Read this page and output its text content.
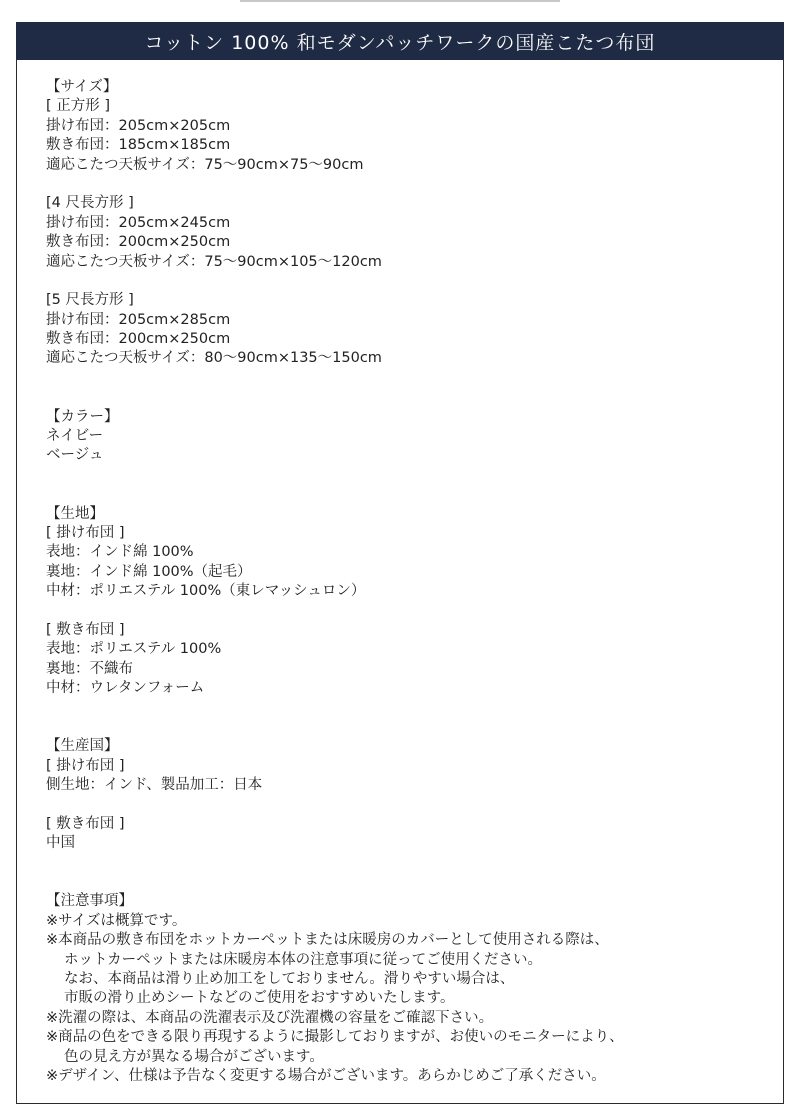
コットン 100% 和モダンパッチワークの国産こたつ布団
【サイズ】
[ 正方形 ]
掛け布団：205cm×205cm
敷き布団：185cm×185cm
適応こたつ天板サイズ：75～90cm×75～90cm
[4 尺長方形 ]
掛け布団：205cm×245cm
敷き布団：200cm×250cm
適応こたつ天板サイズ：75～90cm×105～120cm
[5 尺長方形 ]
掛け布団：205cm×285cm
敷き布団：200cm×250cm
適応こたつ天板サイズ：80～90cm×135～150cm
【カラー】
ネイビー
ベージュ
【生地】
[ 掛け布団 ]
表地：インド綿 100%
裏地：インド綿 100%（起毛）
中材：ポリエステル 100%（東レマッシュロン）
[ 敷き布団 ]
表地：ポリエステル 100%
裏地：不織布
中材：ウレタンフォーム
【生産国】
[ 掛け布団 ]
側生地：インド、製品加工：日本
[ 敷き布団 ]
中国
【注意事項】
※サイズは概算です。
※本商品の敷き布団をホットカーペットまたは床暖房のカバーとして使用される際は、
ホットカーペットまたは床暖房本体の注意事項に従ってご使用ください。
なお、本商品は滑り止め加工をしておりません。滑りやすい場合は、
市販の滑り止めシートなどのご使用をおすすめいたします。
※洗濯の際は、本商品の洗濯表示及び洗濯機の容量をご確認下さい。
※商品の色をできる限り再現するように撮影しておりますが、お使いのモニターにより、
色の見え方が異なる場合がございます。
※デザイン、仕様は予告なく変更する場合がございます。あらかじめご了承ください。
